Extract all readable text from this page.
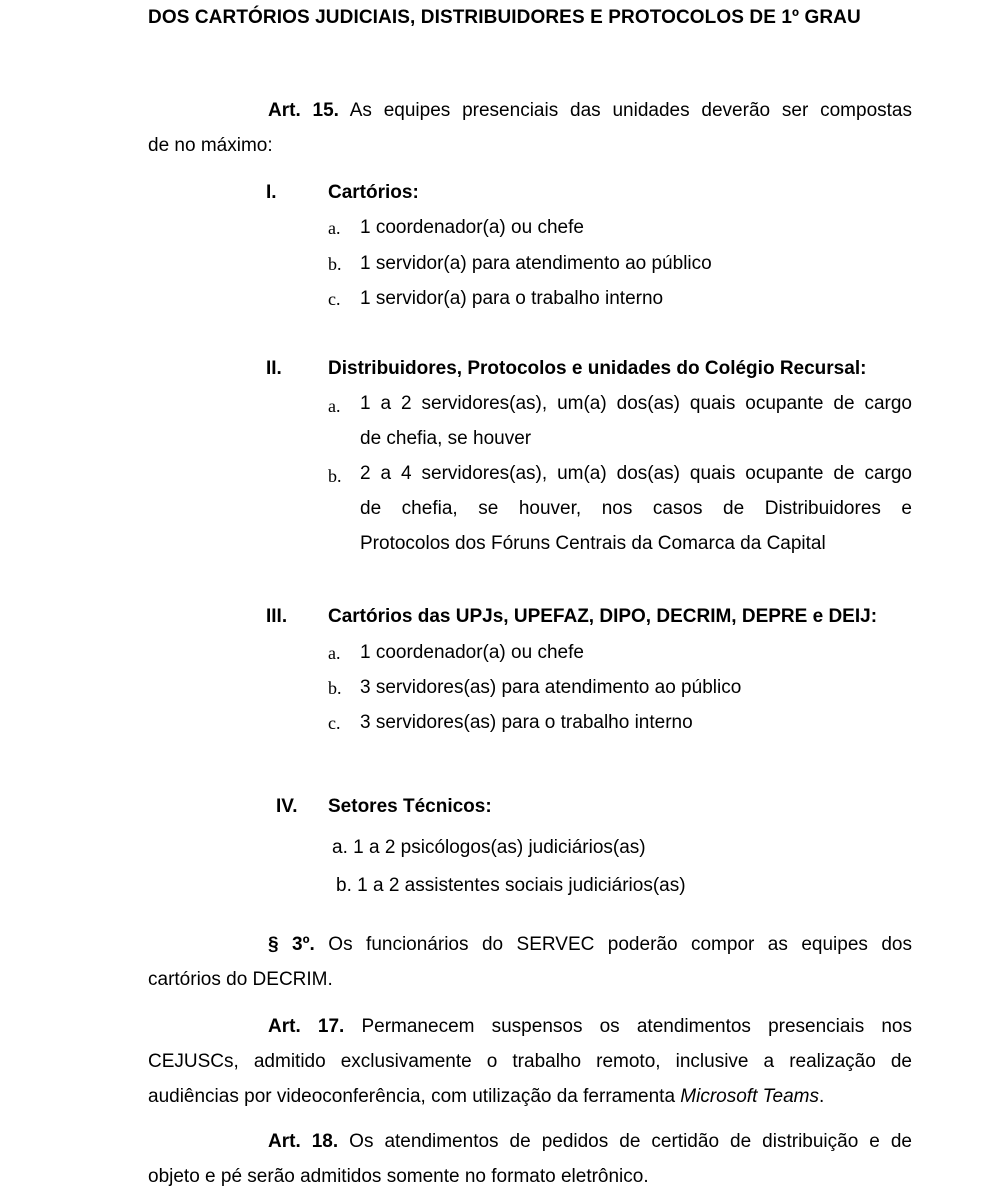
DOS CARTÓRIOS JUDICIAIS, DISTRIBUIDORES E PROTOCOLOS DE 1º GRAU
Art. 15. As equipes presenciais das unidades deverão ser compostas
de no máximo:
I.	Cartórios:
a. 1 coordenador(a) ou chefe
b. 1 servidor(a) para atendimento ao público
c. 1 servidor(a) para o trabalho interno
II. Distribuidores, Protocolos e unidades do Colégio Recursal:
a. 1 a 2 servidores(as), um(a) dos(as) quais ocupante de cargo
de chefia, se houver
b. 2 a 4 servidores(as), um(a) dos(as) quais ocupante de cargo
de chefia, se houver, nos casos de Distribuidores e
Protocolos dos Fóruns Centrais da Comarca da Capital
III. Cartórios das UPJs, UPEFAZ, DIPO, DECRIM, DEPRE e DEIJ:
a. 1 coordenador(a) ou chefe
b. 3 servidores(as) para atendimento ao público
c. 3 servidores(as) para o trabalho interno
IV. Setores Técnicos:
a. 1 a 2 psicólogos(as) judiciários(as)
b. 1 a 2 assistentes sociais judiciários(as)
§ 3º. Os funcionários do SERVEC poderão compor as equipes dos
cartórios do DECRIM.
Art. 17. Permanecem suspensos os atendimentos presenciais nos
CEJUSCs, admitido exclusivamente o trabalho remoto, inclusive a realização de
audiências por videoconferência, com utilização da ferramenta Microsoft Teams.
Art. 18. Os atendimentos de pedidos de certidão de distribuição e de
objeto e pé serão admitidos somente no formato eletrônico.
